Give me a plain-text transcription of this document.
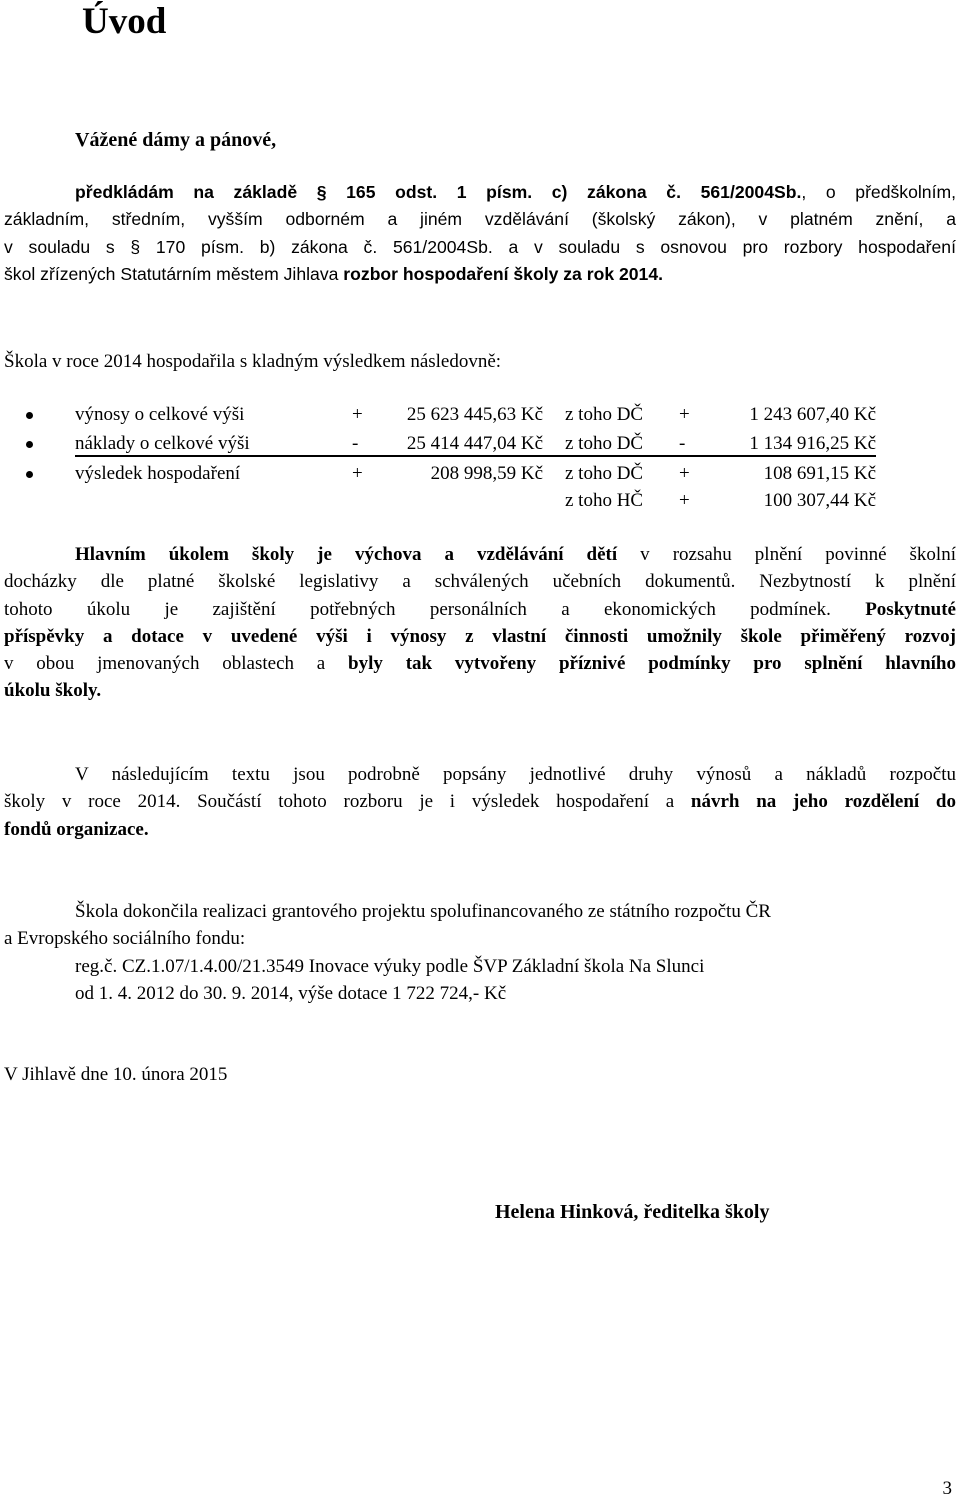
Úvod
Vážené dámy a pánové,
předkládám na základě § 165 odst. 1 písm. c) zákona č. 561/2004Sb., o předškolním,
základním, středním, vyšším odborném a jiném vzdělávání (školský zákon), v platném znění, a
v souladu s § 170 písm. b) zákona č. 561/2004Sb. a v souladu s osnovou pro rozbory hospodaření
škol zřízených Statutárním městem Jihlava rozbor hospodaření školy za rok 2014.
Škola v roce 2014 hospodařila s kladným výsledkem následovně:
výnosy o celkové výši	+	25 623 445,63 Kč z toho DČ +	1 243 607,40 Kč
náklady o celkové výši	-	25 414 447,04 Kč z toho DČ -	1 134 916,25 Kč
výsledek hospodaření	+	208 998,59 Kč z toho DČ +	108 691,15 Kč
z toho HČ +	100 307,44 Kč
Hlavním úkolem školy je výchova a vzdělávání dětí v rozsahu plnění povinné školní
docházky dle platné školské legislativy a schválených učebních dokumentů. Nezbytností k plnění
tohoto úkolu je zajištění potřebných personálních a ekonomických podmínek. Poskytnuté
příspěvky a dotace v uvedené výši i výnosy z vlastní činnosti umožnily škole přiměřený rozvoj
v obou jmenovaných oblastech a byly tak vytvořeny příznivé podmínky pro splnění hlavního
úkolu školy.
V následujícím textu jsou podrobně popsány jednotlivé druhy výnosů a nákladů rozpočtu
školy v roce 2014. Součástí tohoto rozboru je i výsledek hospodaření a návrh na jeho rozdělení do
fondů organizace.
Škola dokončila realizaci grantového projektu spolufinancovaného ze státního rozpočtu ČR
a Evropského sociálního fondu:
reg.č. CZ.1.07/1.4.00/21.3549 Inovace výuky podle ŠVP Základní škola Na Slunci
od 1. 4. 2012 do 30. 9. 2014, výše dotace 1 722 724,- Kč
V Jihlavě dne 10. února 2015
Helena Hinková, ředitelka školy
3
